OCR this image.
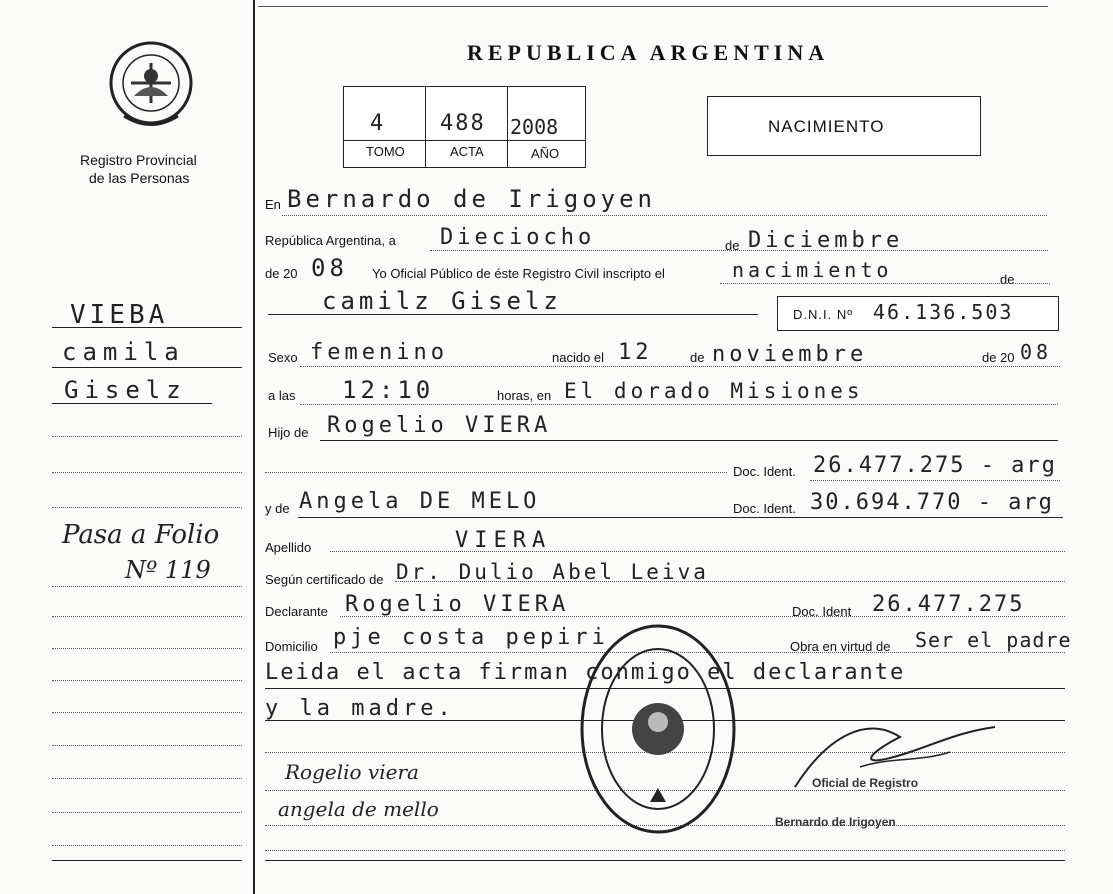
Registro Provincial
de las Personas
REPUBLICA ARGENTINA
4 488 2008
TOMO	ACTA	AÑO
NACIMIENTO
VIEBA
camila
Giselz
Pasa a Folio
Nº 119
En Bernardo de Irigoyen
República Argentina, a Dieciocho	de Diciembre
de 20 08 Yo Oficial Público de éste Registro Civil inscripto el	nacimiento	de
camilz Giselz	D.N.I. Nº 46.136.503
Sexo femenino	nacido el 12	de noviembre	de 20 08
a las 12:10	horas, en El dorado Misiones
Hijo de Rogelio VIERA
Doc. Ident. 26.477.275 - arg
y de Angela DE MELO	Doc. Ident. 30.694.770 - arg
Apellido	VIERA
Según certificado de Dr. Dulio Abel Leiva
Declarante Rogelio VIERA	Doc. Ident 26.477.275
Domicilio pje costa pepiri	Obra en virtud de Ser el padre
Leida el acta firman conmigo el declarante
y la madre.
Rogelio viera
angela de mello
Oficial de Registro
Bernardo de Irigoyen
